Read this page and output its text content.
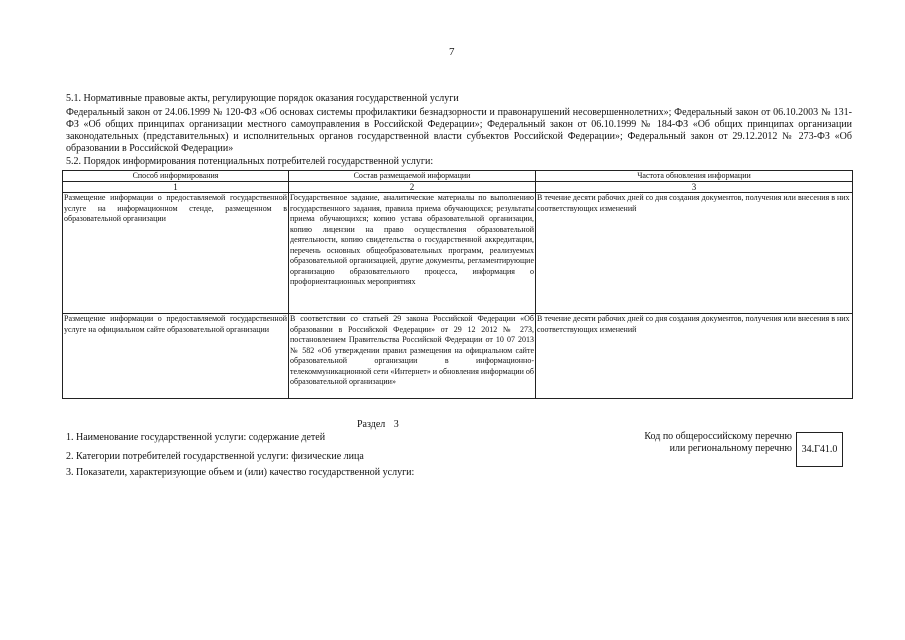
7
5.1. Нормативные правовые акты, регулирующие порядок оказания государственной услуги
Федеральный закон от 24.06.1999 № 120-ФЗ «Об основах системы профилактики безнадзорности и правонарушений несовершеннолетних»; Федеральный закон от 06.10.2003 № 131-ФЗ «Об общих принципах организации местного самоуправления в Российской Федерации»; Федеральный закон от 06.10.1999 № 184-ФЗ «Об общих принципах организации законодательных (представительных) и исполнительных органов государственной власти субъектов Российской Федерации»; Федеральный закон от 29.12.2012 № 273-ФЗ «Об образовании в Российской Федерации»
5.2. Порядок информирования потенциальных потребителей государственной услуги:
Способ информирования	Состав размещаемой информации	Частота обновления информации
1	2	3
Размещение информации о предоставляемой государственной услуге на информационном стенде, размещенном в образовательной организации	Государственное задание, аналитические материалы по выполнению государственного задания, правила приема обучающихся; результаты приема обучающихся; копию устава образовательной организации, копию лицензии на право осуществления образовательной деятельности, копию свидетельства о государственной аккредитации, перечень основных общеобразовательных программ, реализуемых образовательной организацией, другие документы, регламентирующие организацию образовательного процесса, информация о профориентационных мероприятиях	В течение десяти рабочих дней со дня создания документов, получения или внесения в них соответствующих изменений
Размещение информации о предоставляемой государственной услуге на официальном сайте образовательной организации	В соответствии со статьей 29 закона Российской Федерации «Об образовании в Российской Федерации» от 29 12 2012 № 273, постановлением Правительства Российской Федерации от 10 07 2013 № 582 «Об утверждении правил размещения на официальном сайте образовательной организации в информационно-телекоммуникационной сети «Интернет» и обновления информации об образовательной организации»	В течение десяти рабочих дней со дня создания документов, получения или внесения в них соответствующих изменений
Раздел 3
1. Наименование государственной услуги: содержание детей
2. Категории потребителей государственной услуги: физические лица
3. Показатели, характеризующие объем и (или) качество государственной услуги:
Код по общероссийскому перечню или региональному перечню 34.Г41.0
